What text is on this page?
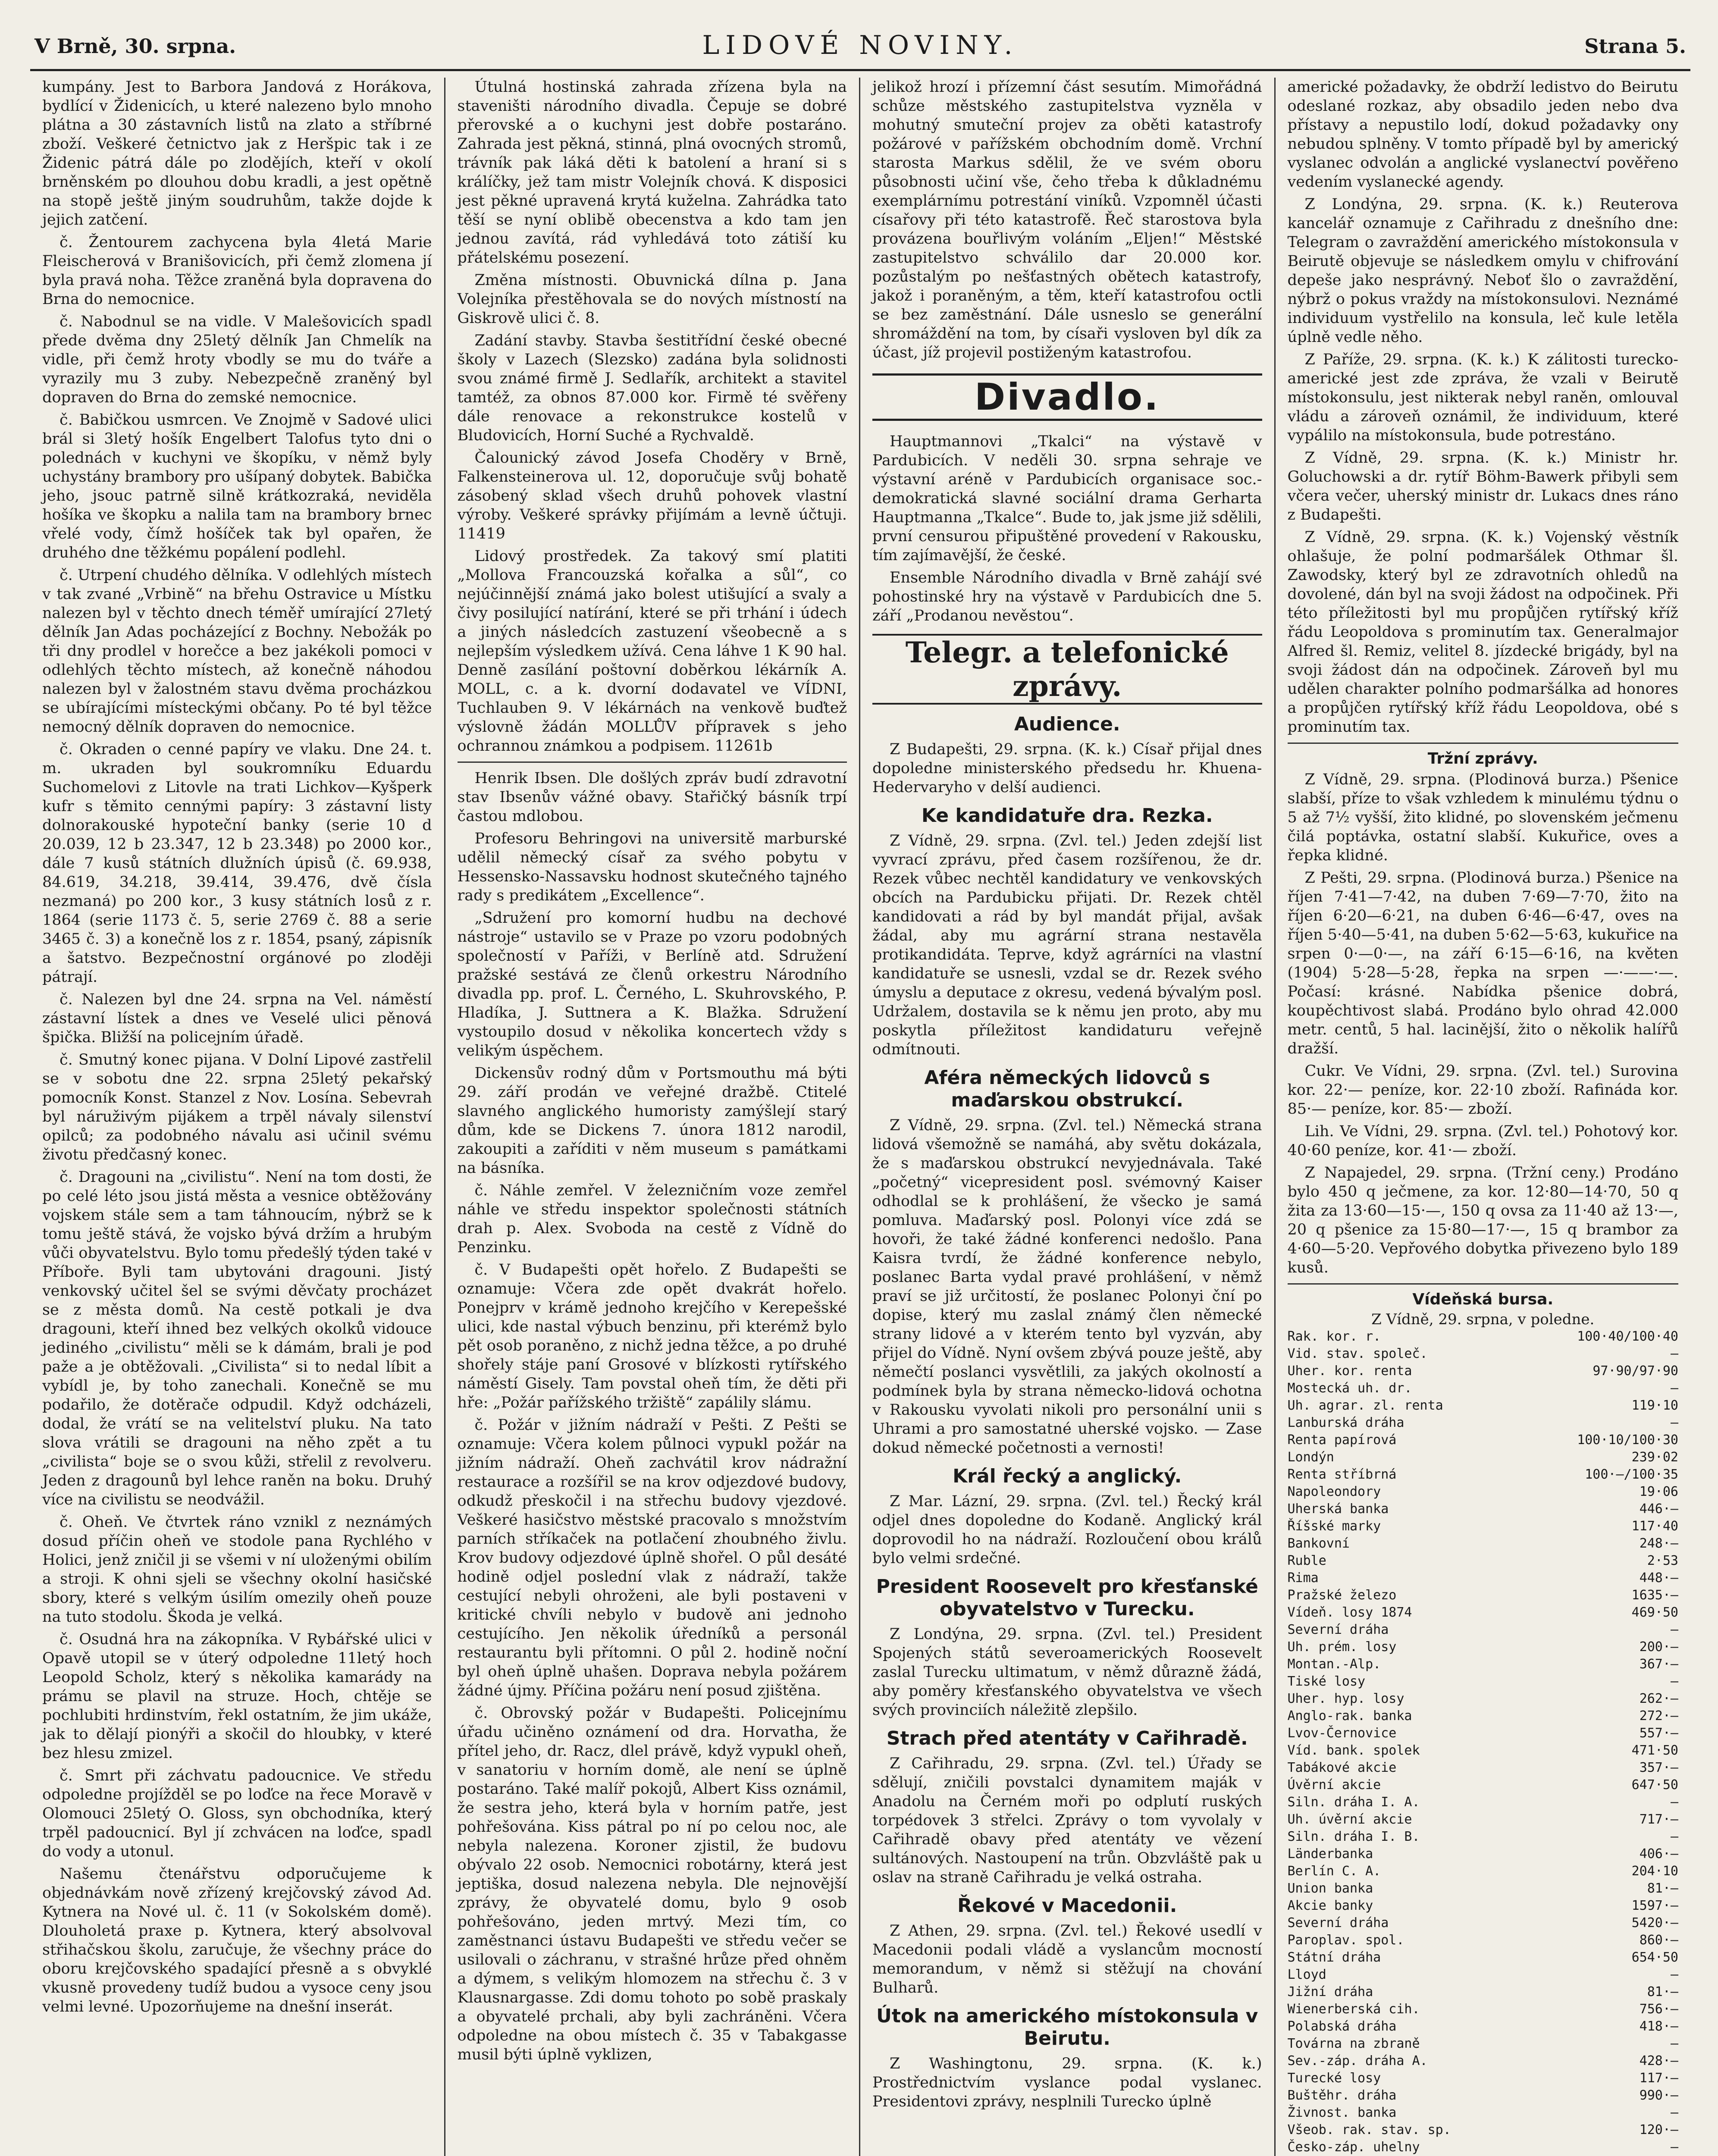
V Brně, 30. srpna.	LIDOVÉ NOVINY.	Strana 5.

kumpány. Jest to Barbora Jandová z Horákova, bydlící v Židenicích, u které nalezeno bylo mnoho plátna a 30 zástavních listů na zlato a stříbrné zboží. Veškeré četnictvo jak z Heršpic tak i ze Židenic pátrá dále po zlodějích, kteří v okolí brněnském po dlouhou dobu kradli, a jest opětně na stopě ještě jiným soudruhům, takže dojde k jejich zatčení.

č. Žentourem zachycena byla 4letá Marie Fleischerová v Branišovicích, při čemž zlomena jí byla pravá noha. Těžce zraněná byla dopravena do Brna do nemocnice.

č. Nabodnul se na vidle. V Malešovicích spadl přede dvěma dny 25letý dělník Jan Chmelík na vidle, při čemž hroty vbodly se mu do tváře a vyrazily mu 3 zuby. Nebezpečně zraněný byl dopraven do Brna do zemské nemocnice.

č. Babičkou usmrcen. Ve Znojmě v Sadové ulici brál si 3letý hošík Engelbert Talofus tyto dni o polednách v kuchyni ve škopíku, v němž byly uchystány brambory pro ušípaný dobytek. Babička jeho, jsouc patrně silně krátkozraká, neviděla hošíka ve škopku a nalila tam na brambory brnec vřelé vody, čímž hošíček tak byl opařen, že druhého dne těžkému popálení podlehl.

č. Utrpení chudého dělníka. V odlehlých místech v tak zvané „Vrbině“ na břehu Ostravice u Místku nalezen byl v těchto dnech téměř umírající 27letý dělník Jan Adas pocházející z Bochny. Nebožák po tři dny prodlel v horečce a bez jakékoli pomoci v odlehlých těchto místech, až konečně náhodou nalezen byl v žalostném stavu dvěma procházkou se ubírajícími místeckými občany. Po té byl těžce nemocný dělník dopraven do nemocnice.

č. Okraden o cenné papíry ve vlaku. Dne 24. t. m. ukraden byl soukromníku Eduardu Suchomelovi z Litovle na trati Lichkov—Kyšperk kufr s těmito cennými papíry: 3 zástavní listy dolnorakouské hypoteční banky (serie 10 d 20.039, 12 b 23.347, 12 b 23.348) po 2000 kor., dále 7 kusů státních dlužních úpisů (č. 69.938, 84.619, 34.218, 39.414, 39.476, dvě čísla nezmaná) po 200 kor., 3 kusy státních losů z r. 1864 (serie 1173 č. 5, serie 2769 č. 88 a serie 3465 č. 3) a konečně los z r. 1854, psaný, zápisník a šatstvo. Bezpečnostní orgánové po zloději pátrají.

č. Nalezen byl dne 24. srpna na Vel. náměstí zástavní lístek a dnes ve Veselé ulici pěnová špička. Bližší na policejním úřadě.

č. Smutný konec pijana. V Dolní Lipové zastřelil se v sobotu dne 22. srpna 25letý pekařský pomocník Konst. Stanzel z Nov. Losína. Sebevrah byl náruživým pijákem a trpěl návaly silenství opilců; za podobného návalu asi učinil svému životu předčasný konec.

č. Dragouni na „civilistu“. Není na tom dosti, že po celé léto jsou jistá města a vesnice obtěžovány vojskem stále sem a tam táhnoucím, nýbrž se k tomu ještě stává, že vojsko bývá držím a hrubým vůči obyvatelstvu. Bylo tomu předešlý týden také v Příboře. Byli tam ubytováni dragouni. Jistý venkovský učitel šel se svými děvčaty procházet se z města domů. Na cestě potkali je dva dragouni, kteří ihned bez velkých okolků vidouce jediného „civilistu“ měli se k dámám, brali je pod paže a je obtěžovali. „Civilista“ si to nedal líbit a vybídl je, by toho zanechali. Konečně se mu podařilo, že dotěrače odpudil. Když odcházeli, dodal, že vrátí se na velitelství pluku. Na tato slova vrátili se dragouni na něho zpět a tu „civilista“ boje se o svou kůži, střelil z revolveru. Jeden z dragounů byl lehce raněn na boku. Druhý více na civilistu se neodvážil.

č. Oheň. Ve čtvrtek ráno vznikl z neznámých dosud příčin oheň ve stodole pana Rychlého v Holici, jenž zničil ji se všemi v ní uloženými obilím a stroji. K ohni sjeli se všechny okolní hasičské sbory, které s velkým úsilím omezily oheň pouze na tuto stodolu. Škoda je velká.

č. Osudná hra na zákopníka. V Rybářské ulici v Opavě utopil se v úterý odpoledne 11letý hoch Leopold Scholz, který s několika kamarády na prámu se plavil na struze. Hoch, chtěje se pochlubiti hrdinstvím, řekl ostatním, že jim ukáže, jak to dělají pionýři a skočil do hloubky, v které bez hlesu zmizel.

č. Smrt při záchvatu padoucnice. Ve středu odpoledne projížděl se po loďce na řece Moravě v Olomouci 25letý O. Gloss, syn obchodníka, který trpěl padoucnicí. Byl jí zchvácen na loďce, spadl do vody a utonul.

Našemu čtenářstvu odporučujeme k objednávkám nově zřízený krejčovský závod Ad. Kytnera na Nové ul. č. 11 (v Sokolském domě). Dlouholetá praxe p. Kytnera, který absolvoval střihačskou školu, zaručuje, že všechny práce do oboru krejčovského spadající přesně a s obvyklé vkusně provedeny tudíž budou a vysoce ceny jsou velmi levné. Upozorňujeme na dnešní inserát.

Útulná hostinská zahrada zřízena byla na staveništi národního divadla. Čepuje se dobré přerovské a o kuchyni jest dobře postaráno. Zahrada jest pěkná, stinná, plná ovocných stromů, trávník pak láká děti k batolení a hraní si s králíčky, jež tam mistr Volejník chová. K disposici jest pěkné upravená krytá kuželna. Zahrádka tato těší se nyní oblibě obecenstva a kdo tam jen jednou zavítá, rád vyhledává toto zátiší ku přátelskému posezení.

Změna místnosti. Obuvnická dílna p. Jana Volejníka přestěhovala se do nových místností na Giskrově ulici č. 8.

Zadání stavby. Stavba šestitřídní české obecné školy v Lazech (Slezsko) zadána byla solidnosti svou známé firmě J. Sedlařík, architekt a stavitel tamtéž, za obnos 87.000 kor. Firmě té svěřeny dále renovace a rekonstrukce kostelů v Bludovicích, Horní Suché a Rychvaldě.

Čalounický závod Josefa Choděry v Brně, Falkensteinerova ul. 12, doporučuje svůj bohatě zásobený sklad všech druhů pohovek vlastní výroby. Veškeré správky přijímám a levně účtuji. 11419

Lidový prostředek. Za takový smí platiti „Mollova Francouzská kořalka a sůl“, co nejúčinnější známá jako bolest utišující a svaly a čivy posilující natírání, které se při trhání i údech a jiných následcích zastuzení všeobecně a s nejlepším výsledkem užívá. Cena láhve 1 K 90 hal. Denně zasílání poštovní doběrkou lékárník A. MOLL, c. a k. dvorní dodavatel ve VÍDNI, Tuchlauben 9. V lékárnách na venkově buďtež výslovně žádán MOLLŮV přípravek s jeho ochrannou známkou a podpisem. 11261b

Henrik Ibsen. Dle došlých zpráv budí zdravotní stav Ibsenův vážné obavy. Stařičký básník trpí častou mdlobou.

Profesoru Behringovi na universitě marburské udělil německý císař za svého pobytu v Hessensko-Nassavsku hodnost skutečného tajného rady s predikátem „Excellence“.

„Sdružení pro komorní hudbu na dechové nástroje“ ustavilo se v Praze po vzoru podobných společností v Paříži, v Berlíně atd. Sdružení pražské sestává ze členů orkestru Národního divadla pp. prof. L. Černého, L. Skuhrovského, P. Hladíka, J. Suttnera a K. Blažka. Sdružení vystoupilo dosud v několika koncertech vždy s velikým úspěchem.

Dickensův rodný dům v Portsmouthu má býti 29. září prodán ve veřejné dražbě. Ctitelé slavného anglického humoristy zamýšlejí starý dům, kde se Dickens 7. února 1812 narodil, zakoupiti a zaříditi v něm museum s památkami na básníka.

č. Náhle zemřel. V železničním voze zemřel náhle ve středu inspektor společnosti státních drah p. Alex. Svoboda na cestě z Vídně do Penzinku.

č. V Budapešti opět hořelo. Z Budapešti se oznamuje: Včera zde opět dvakrát hořelo. Ponejprv v krámě jednoho krejčího v Kerepešské ulici, kde nastal výbuch benzinu, při kterémž bylo pět osob poraněno, z nichž jedna těžce, a po druhé shořely stáje paní Grosové v blízkosti rytířského náměstí Gisely. Tam povstal oheň tím, že děti při hře: „Požár pařížského tržiště“ zapálily slámu.

č. Požár v jižním nádraží v Pešti. Z Pešti se oznamuje: Včera kolem půlnoci vypukl požár na jižním nádraží. Oheň zachvátil krov nádražní restaurace a rozšířil se na krov odjezdové budovy, odkudž přeskočil i na střechu budovy vjezdové. Veškeré hasičstvo městské pracovalo s množstvím parních stříkaček na potlačení zhoubného živlu. Krov budovy odjezdové úplně shořel. O půl desáté hodině odjel poslední vlak z nádraží, takže cestující nebyli ohroženi, ale byli postaveni v kritické chvíli nebylo v budově ani jednoho cestujícího. Jen několik úředníků a personál restaurantu byli přítomni. O půl 2. hodině noční byl oheň úplně uhašen. Doprava nebyla požárem žádné újmy. Příčina požáru není posud zjištěna.

č. Obrovský požár v Budapešti. Policejnímu úřadu učiněno oznámení od dra. Horvatha, že přítel jeho, dr. Racz, dlel právě, když vypukl oheň, v sanatoriu v horním domě, ale není se úplně postaráno. Také malíř pokojů, Albert Kiss oznámil, že sestra jeho, která byla v horním patře, jest pohřešována. Kiss pátral po ní po celou noc, ale nebyla nalezena. Koroner zjistil, že budovu obývalo 22 osob. Nemocnici robotárny, která jest jeptiška, dosud nalezena nebyla. Dle nejnovější zprávy, že obyvatelé domu, bylo 9 osob pohřešováno, jeden mrtvý. Mezi tím, co zaměstnanci ústavu Budapešti ve středu večer se usilovali o záchranu, v strašné hrůze před ohněm a dýmem, s velikým hlomozem na střechu č. 3 v Klausnargasse. Zdi domu tohoto po sobě praskaly a obyvatelé prchali, aby byli zachráněni. Včera odpoledne na obou místech č. 35 v Tabakgasse musil býti úplně vyklizen,

jelikož hrozí i přízemní část sesutím. Mimořádná schůze městského zastupitelstva vyzněla v mohutný smuteční projev za oběti katastrofy požárové v pařížském obchodním domě. Vrchní starosta Markus sdělil, že ve svém oboru působnosti učiní vše, čeho třeba k důkladnému exemplárnímu potrestání viníků. Vzpomněl účasti císařovy při této katastrofě. Řeč starostova byla provázena bouřlivým voláním „Eljen!“ Městské zastupitelstvo schválilo dar 20.000 kor. pozůstalým po nešťastných obětech katastrofy, jakož i poraněným, a těm, kteří katastrofou octli se bez zaměstnání. Dále usneslo se generální shromáždění na tom, by císaři vysloven byl dík za účast, jíž projevil postiženým katastrofou.

Divadlo.

Hauptmannovi „Tkalci“ na výstavě v Pardubicích. V neděli 30. srpna sehraje ve výstavní aréně v Pardubicích organisace soc.-demokratická slavné sociální drama Gerharta Hauptmanna „Tkalce“. Bude to, jak jsme již sdělili, první censurou připuštěné provedení v Rakousku, tím zajímavější, že české.

Ensemble Národního divadla v Brně zahájí své pohostinské hry na výstavě v Pardubicích dne 5. září „Prodanou nevěstou“.

Telegr. a telefonické zprávy.
Audience.

Z Budapešti, 29. srpna. (K. k.) Císař přijal dnes dopoledne ministerského předsedu hr. Khuena-Hedervaryho v delší audienci.

Ke kandidatuře dra. Rezka.

Z Vídně, 29. srpna. (Zvl. tel.) Jeden zdejší list vyvrací zprávu, před časem rozšířenou, že dr. Rezek vůbec nechtěl kandidatury ve venkovských obcích na Pardubicku přijati. Dr. Rezek chtěl kandidovati a rád by byl mandát přijal, avšak žádal, aby mu agrární strana nestavěla protikandidáta. Teprve, když agrárníci na vlastní kandidatuře se usnesli, vzdal se dr. Rezek svého úmyslu a deputace z okresu, vedená bývalým posl. Udržalem, dostavila se k němu jen proto, aby mu poskytla příležitost kandidaturu veřejně odmítnouti.

Aféra německých lidovců s maďarskou obstrukcí.

Z Vídně, 29. srpna. (Zvl. tel.) Německá strana lidová všemožně se namáhá, aby světu dokázala, že s maďarskou obstrukcí nevyjednávala. Také „početný“ vicepresident posl. svémovný Kaiser odhodlal se k prohlášení, že všecko je samá pomluva. Maďarský posl. Polonyi více zdá se hovoři, že také žádné konferenci nedošlo. Pana Kaisra tvrdí, že žádné konference nebylo, poslanec Barta vydal pravé prohlášení, v němž praví se již určitostí, že poslanec Polonyi ční po dopise, který mu zaslal známý člen německé strany lidové a v kterém tento byl vyzván, aby přijel do Vídně. Nyní ovšem zbývá pouze ještě, aby němečtí poslanci vysvětlili, za jakých okolností a podmínek byla by strana německo-lidová ochotna v Rakousku vyvolati nikoli pro personální unii s Uhrami a pro samostatné uherské vojsko. — Zase dokud německé početnosti a vernosti!

Král řecký a anglický.

Z Mar. Lázní, 29. srpna. (Zvl. tel.) Řecký král odjel dnes dopoledne do Kodaně. Anglický král doprovodil ho na nádraží. Rozloučení obou králů bylo velmi srdečné.

President Roosevelt pro křesťanské obyvatelstvo v Turecku.

Z Londýna, 29. srpna. (Zvl. tel.) President Spojených států severoamerických Roosevelt zaslal Turecku ultimatum, v němž důrazně žádá, aby poměry křesťanského obyvatelstva ve všech svých provinciích náležitě zlepšilo.

Strach před atentáty v Cařihradě.

Z Cařihradu, 29. srpna. (Zvl. tel.) Úřady se sdělují, zničili povstalci dynamitem maják v Anadolu na Černém moři po odplutí ruských torpédovek 3 střelci. Zprávy o tom vyvolaly v Cařihradě obavy před atentáty ve vězení sultánových. Nastoupení na trůn. Obzvláště pak u oslav na straně Cařihradu je velká ostraha.

Řekové v Macedonii.

Z Athen, 29. srpna. (Zvl. tel.) Řekové usedlí v Macedonii podali vládě a vyslancům mocností memorandum, v němž si stěžují na chování Bulharů.

Útok na amerického místokonsula v Beirutu.

Z Washingtonu, 29. srpna. (K. k.) Prostřednictvím vyslance podal vyslanec. Presidentovi zprávy, nesplnili Turecko úplně

americké požadavky, že obdrží ledistvo do Beirutu odeslané rozkaz, aby obsadilo jeden nebo dva přístavy a nepustilo lodí, dokud požadavky ony nebudou splněny. V tomto případě byl by americký vyslanec odvolán a anglické vyslanectví pověřeno vedením vyslanecké agendy.

Z Londýna, 29. srpna. (K. k.) Reuterova kancelář oznamuje z Cařihradu z dnešního dne: Telegram o zavraždění amerického místokonsula v Beirutě objevuje se následkem omylu v chifrování depeše jako nesprávný. Neboť šlo o zavraždění, nýbrž o pokus vraždy na místokonsulovi. Neznámé individuum vystřelilo na konsula, leč kule letěla úplně vedle něho.

Z Paříže, 29. srpna. (K. k.) K zálitosti turecko-americké jest zde zpráva, že vzali v Beirutě místokonsulu, jest nikterak nebyl raněn, omlouval vládu a zároveň oznámil, že individuum, které vypálilo na místokonsula, bude potrestáno.

Z Vídně, 29. srpna. (K. k.) Ministr hr. Goluchowski a dr. rytíř Böhm-Bawerk přibyli sem včera večer, uherský ministr dr. Lukacs dnes ráno z Budapešti.

Z Vídně, 29. srpna. (K. k.) Vojenský věstník ohlašuje, že polní podmaršálek Othmar šl. Zawodsky, který byl ze zdravotních ohledů na dovolené, dán byl na svoji žádost na odpočinek. Při této příležitosti byl mu propůjčen rytířský kříž řádu Leopoldova s prominutím tax. Generalmajor Alfred šl. Remiz, velitel 8. jízdecké brigády, byl na svoji žádost dán na odpočinek. Zároveň byl mu udělen charakter polního podmaršálka ad honores a propůjčen rytířský kříž řádu Leopoldova, obé s prominutím tax.

Tržní zprávy.

Z Vídně, 29. srpna. (Plodinová burza.) Pšenice slabší, příze to však vzhledem k minulému týdnu o 5 až 7½ vyšší, žito klidné, po slovenském ječmenu čilá poptávka, ostatní slabší. Kukuřice, oves a řepka klidné.

Z Pešti, 29. srpna. (Plodinová burza.) Pšenice na říjen 7·41—7·42, na duben 7·69—7·70, žito na říjen 6·20—6·21, na duben 6·46—6·47, oves na říjen 5·40—5·41, na duben 5·62—5·63, kukuřice na srpen 0·—0·—, na září 6·15—6·16, na květen (1904) 5·28—5·28, řepka na srpen —·——·—. Počasí: krásné. Nabídka pšenice dobrá, koupěchtivost slabá. Prodáno bylo ohrad 42.000 metr. centů, 5 hal. lacinější, žito o několik halířů dražší.

Cukr. Ve Vídni, 29. srpna. (Zvl. tel.) Surovina kor. 22·— peníze, kor. 22·10 zboží. Rafináda kor. 85·— peníze, kor. 85·— zboží.

Lih. Ve Vídni, 29. srpna. (Zvl. tel.) Pohotový kor. 40·60 peníze, kor. 41·— zboží.

Z Napajedel, 29. srpna. (Tržní ceny.) Prodáno bylo 450 q ječmene, za kor. 12·80—14·70, 50 q žita za 13·60—15·—, 150 q ovsa za 11·40 až 13·—, 20 q pšenice za 15·80—17·—, 15 q brambor za 4·60—5·20. Vepřového dobytka přivezeno bylo 189 kusů.

Vídeňská bursa.
Z Vídně, 29. srpna, v poledne.
Rak. kor. r.	100·40/100·40
Vid. stav. společ.	—
Uher. kor. renta	97·90/97·90
Mostecká uh. dr.	—
Uh. agrar. zl. renta	119·10
Lanburská dráha	—
Renta papírová	100·10/100·30
Londýn	239·02
Renta stříbrná	100·—/100·35
Napoleondory	19·06
Uherská banka	446·—
Říšské marky	117·40
Bankovní	248·—
Ruble	2·53
Rima	448·—
Pražské železo	1635·—
Vídeň. losy 1874	469·50
Severní dráha	—
Uh. prém. losy	200·—
Montan.-Alp.	367·—
Tiské losy	—
Uher. hyp. losy	262·—
Anglo-rak. banka	272·—
Lvov-Černovice	557·—
Víd. bank. spolek	471·50
Tabákové akcie	357·—
Úvěrní akcie	647·50
Siln. dráha I. A.	—
Uh. úvěrní akcie	717·—
Siln. dráha I. B.	—
Länderbanka	406·—
Berlín C. A.	204·10
Union banka	81·—
Akcie banky	1597·—
Severní dráha	5420·—
Paroplav. spol.	860·—
Státní dráha	654·50
Lloyd	—
Jižní dráha	81·—
Wienerberská cih.	756·—
Polabská dráha	418·—
Továrna na zbraně	—
Sev.-záp. dráha A.	428·—
Turecké losy	117·—
Buštěhr. dráha	990·—
Živnost. banka	—
Všeob. rak. stav. sp.	120·—
Česko-záp. uhelny	—
